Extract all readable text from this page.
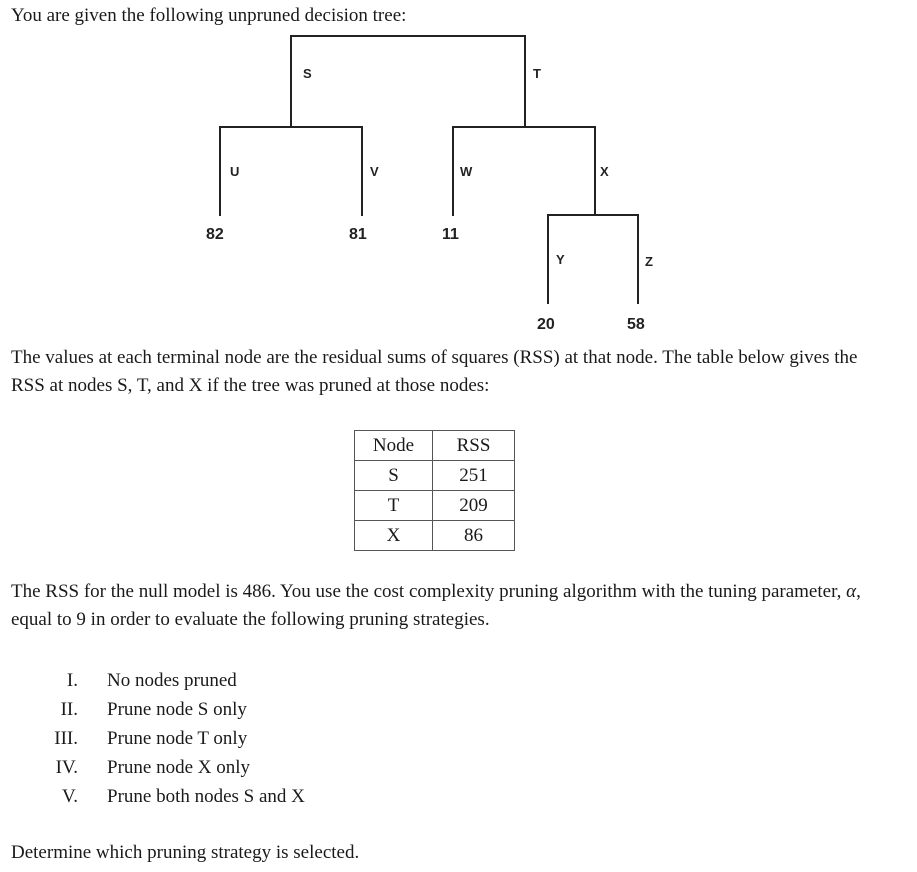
You are given the following unpruned decision tree:

S	T
U	V	W	X
Y	Z
82	81	11
20	58

The values at each terminal node are the residual sums of squares (RSS) at that node. The table below gives the RSS at nodes S, T, and X if the tree was pruned at those nodes:

Node	RSS
S	251
T	209
X	86

The RSS for the null model is 486. You use the cost complexity pruning algorithm with the tuning parameter, α, equal to 9 in order to evaluate the following pruning strategies.

I. No nodes pruned
II. Prune node S only
III. Prune node T only
IV. Prune node X only
V. Prune both nodes S and X

Determine which pruning strategy is selected.
